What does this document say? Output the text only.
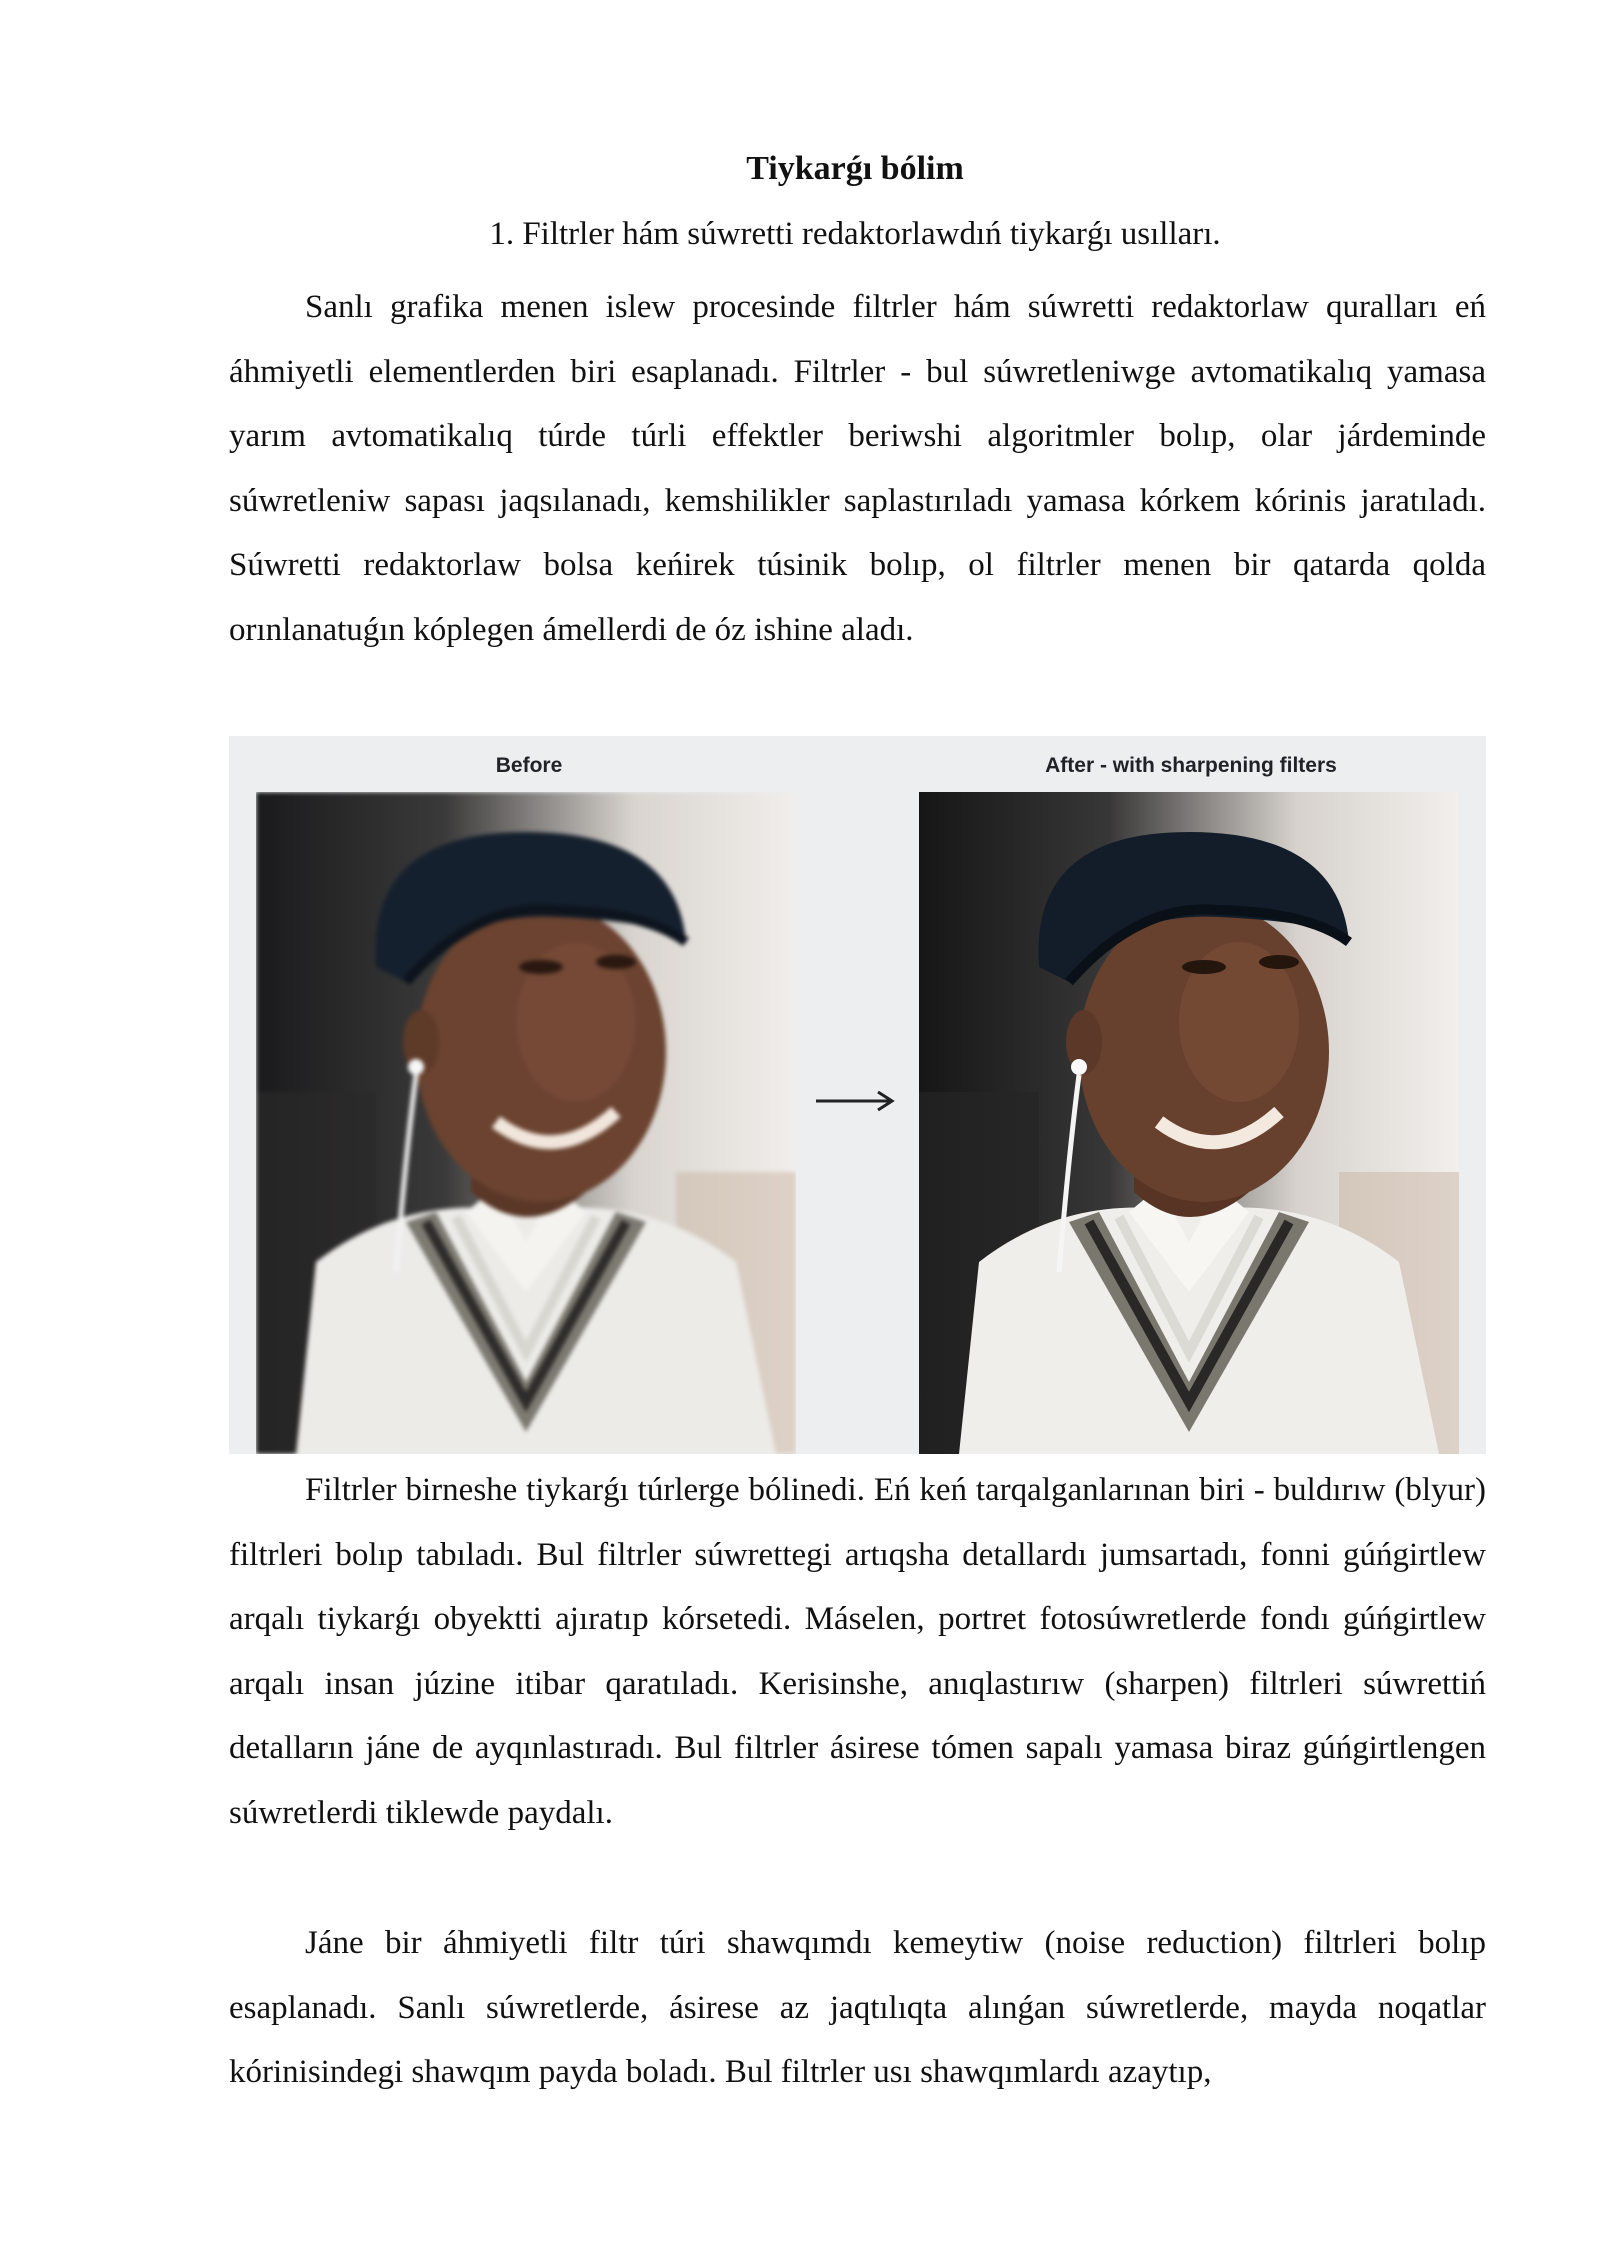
Tiykarǵı bólim
1. Filtrler hám súwretti redaktorlawdıń tiykarǵı usılları.

Sanlı grafika menen islew procesinde filtrler hám súwretti redaktorlaw quralları eń áhmiyetli elementlerden biri esaplanadı. Filtrler - bul súwretleniwge avtomatikalıq yamasa yarım avtomatikalıq túrde túrli effektler beriwshi algoritmler bolıp, olar járdeminde súwretleniw sapası jaqsılanadı, kemshilikler saplastırıladı yamasa kórkem kórinis jaratıladı. Súwretti redaktorlaw bolsa keńirek túsinik bolıp, ol filtrler menen bir qatarda qolda orınlanatuǵın kóplegen ámellerdi de óz ishine aladı.

Before	After - with sharpening filters

Filtrler birneshe tiykarǵı túrlerge bólinedi. Eń keń tarqalganlarınan biri - buldırıw (blyur) filtrleri bolıp tabıladı. Bul filtrler súwrettegi artıqsha detallardı jumsartadı, fonni gúńgirtlew arqalı tiykarǵı obyektti ajıratıp kórsetedi. Máselen, portret fotosúwretlerde fondı gúńgirtlew arqalı insan júzine itibar qaratıladı. Kerisinshe, anıqlastırıw (sharpen) filtrleri súwrettiń detalların jáne de ayqınlastıradı. Bul filtrler ásirese tómen sapalı yamasa biraz gúńgirtlengen súwretlerdi tiklewde paydalı.

Jáne bir áhmiyetli filtr túri shawqımdı kemeytiw (noise reduction) filtrleri bolıp esaplanadı. Sanlı súwretlerde, ásirese az jaqtılıqta alınǵan súwretlerde, mayda noqatlar kórinisindegi shawqım payda boladı. Bul filtrler usı shawqımlardı azaytıp,
